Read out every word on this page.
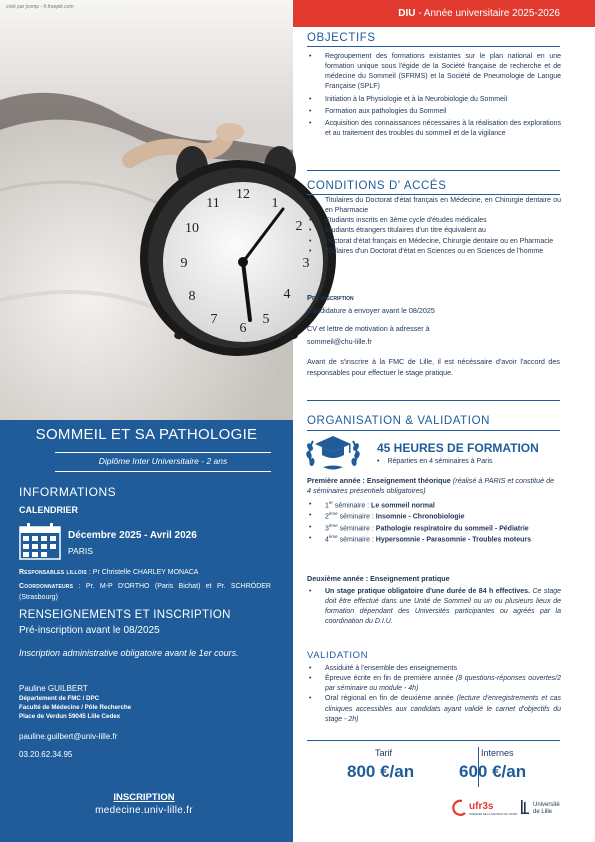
12
1
2
3
4
5
6
7
8
9
10
11
créé par jcomp - fr.freepik.com
SOMMEIL ET SA PATHOLOGIE
Diplôme Inter Universitaire - 2 ans
INFORMATIONS
CALENDRIER
Décembre 2025 - Avril 2026
PARIS
Responsables lillois : Pr Christelle CHARLEY MONACA
Coordonnateurs : Pr. M-P D'ORTHO (Paris Bichat) et Pr. SCHRÖDER (Strasbourg)
RENSEIGNEMENTS ET INSCRIPTION
Pré-inscription avant le 08/2025
Inscription administrative obligatoire avant le 1er cours.
Pauline GUILBERT
Département de FMC / DPC
Faculté de Médecine / Pôle Recherche
Place de Verdun 59045 Lille Cedex
pauline.guilbert@univ-lille.fr
03.20.62.34.95
INSCRIPTION
medecine.univ-lille.fr
DIU - Année universitaire 2025-2026
OBJECTIFS
• Regroupement des formations existantes sur le plan national en une formation unique sous l'égide de la Société française de recherche et de médecine du Sommeil (SFRMS) et la Société de Pneumologie de Langue Française (SPLF)
• Initiation à la Physiologie et à la Neurobiologie du Sommeil
• Formation aux pathologies du Sommeil
• Acquisition des connaissances nécessaires à la réalisation des explorations et au traitement des troubles du sommeil et de la vigilance
CONDITIONS D' ACCÉS
• Titulaires du Doctorat d'état français en Médecine, en Chirurgie dentaire ou en Pharmacie
• Etudiants inscrits en 3ème cycle d'études médicales
• Etudiants étrangers titulaires d'un titre équivalent au
• Doctorat d'état français en Médecine, Chirurgie dentaire ou en Pharmacie
• Titulaires d'un Doctorat d'état en Sciences ou en Sciences de l'homme
Pré-inscription
Candidature à envoyer avant le 08/2025
CV et lettre de motivation à adresser à
sommeil@chu-lille.fr
Avant de s'inscrire à la FMC de Lille, il est nécéssaire d'avoir l'accord des responsables pour effectuer le stage pratique.
ORGANISATION & VALIDATION
45 HEURES DE FORMATION
• Réparties en 4 séminaires à Paris
Première année : Enseignement théorique (réalisé à PARIS et constitué de 4 séminaires présentiels obligatoires)
• 1er séminaire : Le sommeil normal
• 2ème séminaire : Insomnie - Chronobiologie
• 3ème séminaire : Pathologie respiratoire du sommeil - Pédiatrie
• 4ème séminaire : Hypersomnie - Parasomnie - Troubles moteurs
Deuxième année : Enseignement pratique
• Un stage pratique obligatoire d'une durée de 84 h effectives. Ce stage doit être effectué dans une Unité de Sommeil ou un ou plusieurs lieux de formation dépendant des Universités participantes ou agréés par la coordination du D.I.U.
VALIDATION
• Assiduité à l'ensemble des enseignements
• Épreuve écrite en fin de première année (8 questions-réponses ouvertes/2 par séminaire ou module - 4h)
• Oral régional en fin de deuxième année (lecture d'enregistrements et cas cliniques accessibles aux candidats ayant validé le carnet d'objectifs du stage - 2h)
Tarif
800 €/an
Internes
600 €/an
ufr3s
SCIENCES DE LA SANTÉ ET DU SPORT
Université
de Lille
